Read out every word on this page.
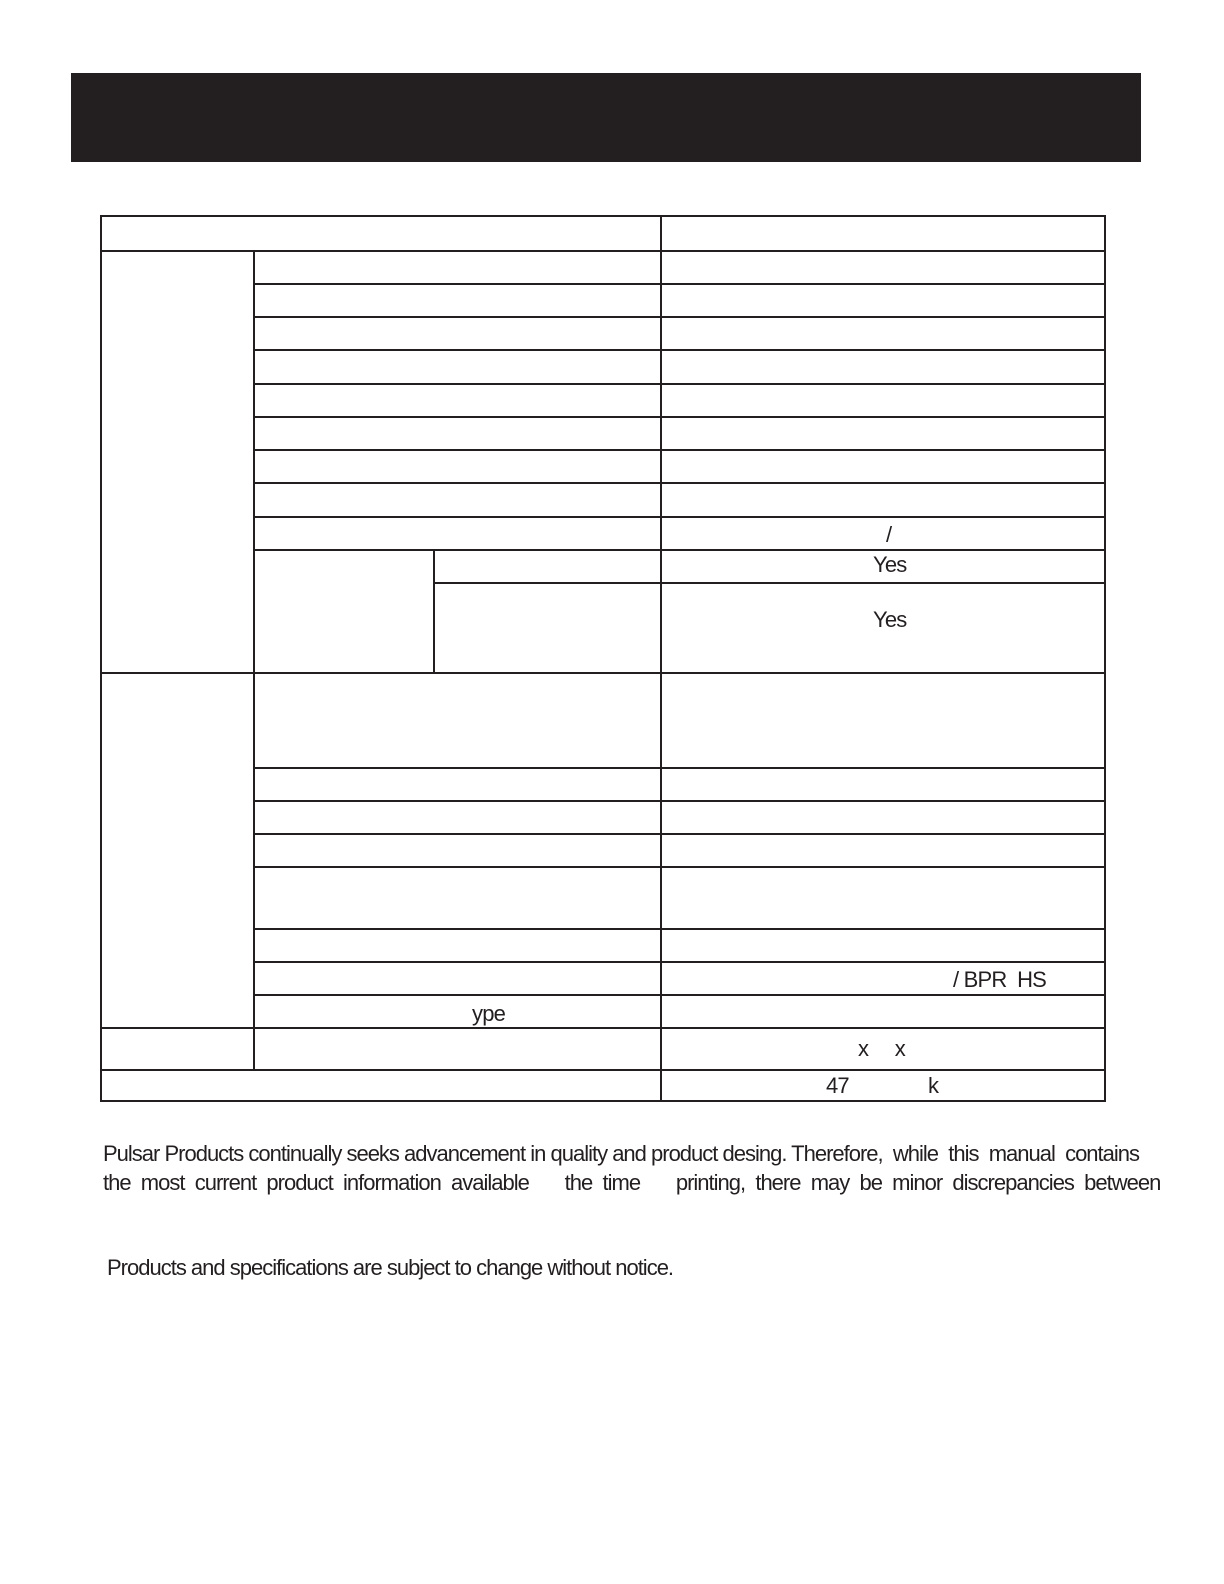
/
Yes
Yes
/ BPR  HS
ype
x     x
47	k
Pulsar Products continually seeks advancement in quality and product desing. Therefore,  while  this  manual  contains
the  most  current  product  information  available       the  time       printing,  there  may  be  minor  discrepancies  between
Products and specifications are subject to change without notice.
